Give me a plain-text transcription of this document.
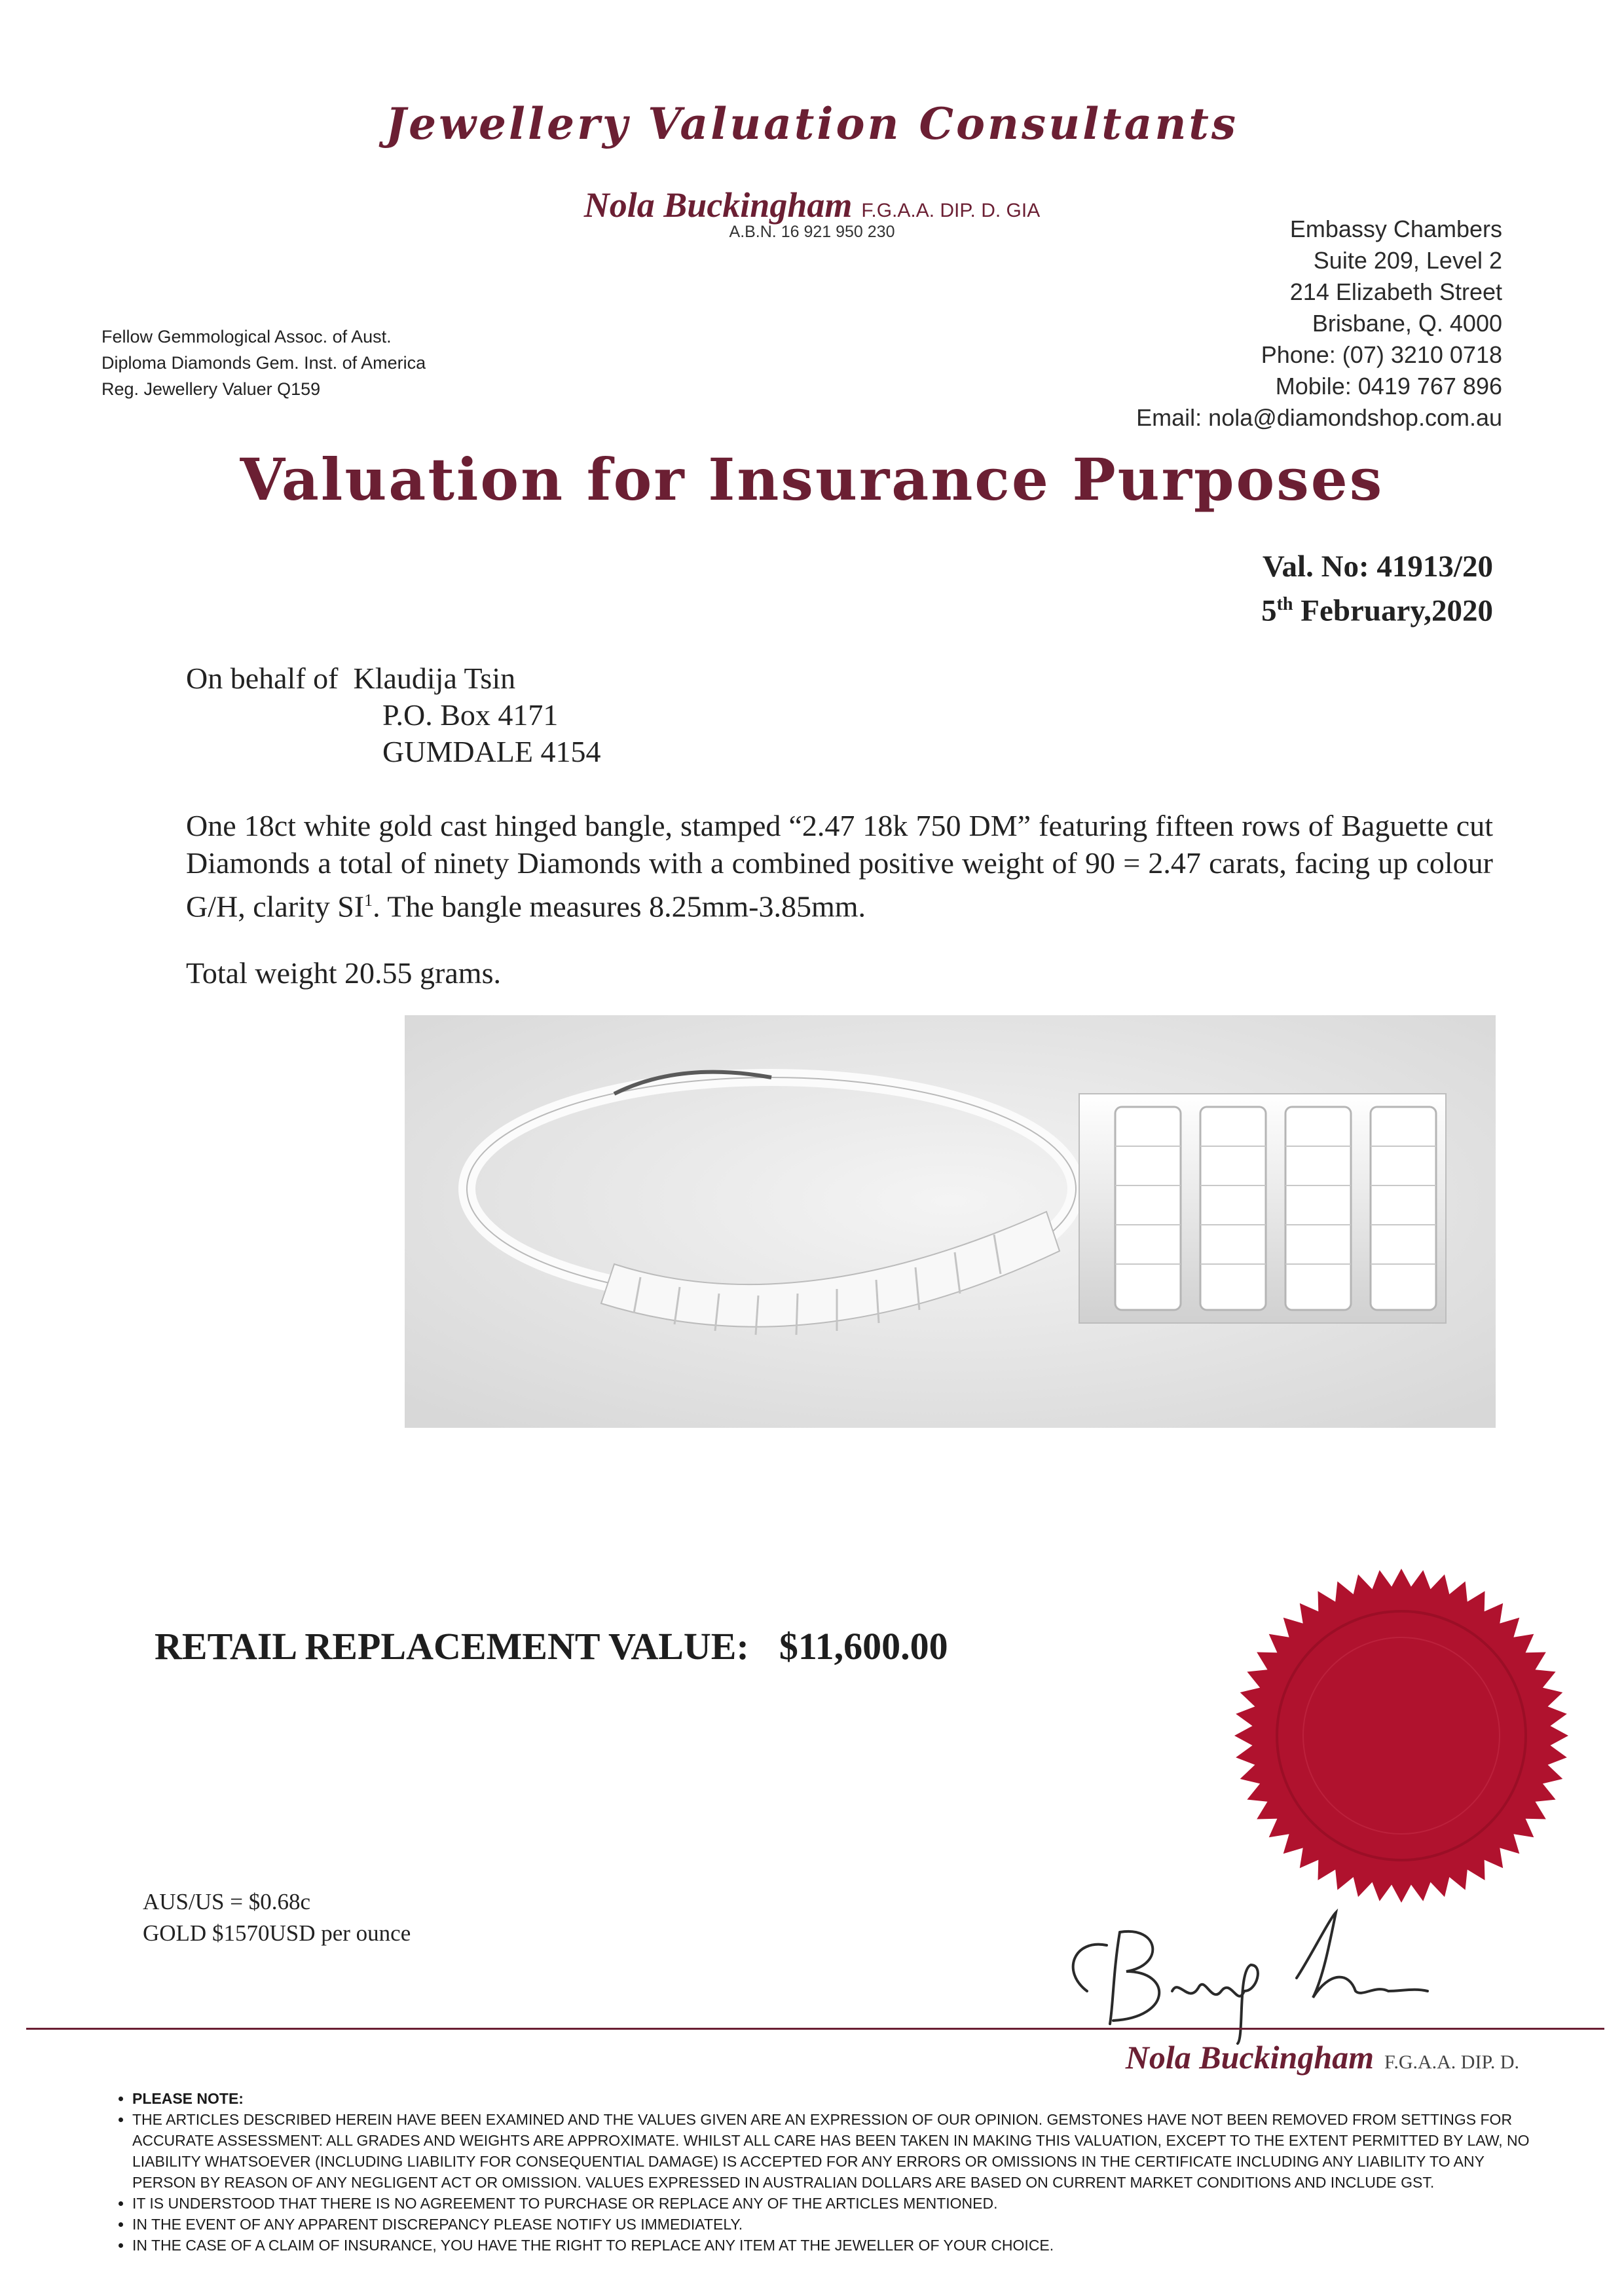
Jewellery Valuation Consultants
Nola Buckingham F.G.A.A. DIP. D. GIA
A.B.N. 16 921 950 230
Fellow Gemmological Assoc. of Aust.
Diploma Diamonds Gem. Inst. of America
Reg. Jewellery Valuer Q159
Embassy Chambers
Suite 209, Level 2
214 Elizabeth Street
Brisbane, Q. 4000
Phone: (07) 3210 0718
Mobile: 0419 767 896
Email: nola@diamondshop.com.au
Valuation for Insurance Purposes
Val. No: 41913/20
5th February,2020
On behalf of Klaudija Tsin
P.O. Box 4171
GUMDALE 4154
One 18ct white gold cast hinged bangle, stamped “2.47 18k 750 DM” featuring fifteen rows of Baguette cut Diamonds a total of ninety Diamonds with a combined positive weight of 90 = 2.47 carats, facing up colour G/H, clarity $SI^1$. The bangle measures 8.25mm-3.85mm.
Total weight 20.55 grams.
RETAIL REPLACEMENT VALUE: $11,600.00
AUS/US = $0.68c
GOLD $1570USD per ounce
Nola Buckingham F.G.A.A. DIP. D.
• PLEASE NOTE:
• THE ARTICLES DESCRIBED HEREIN HAVE BEEN EXAMINED AND THE VALUES GIVEN ARE AN EXPRESSION OF OUR OPINION. GEMSTONES HAVE NOT BEEN REMOVED FROM SETTINGS FOR ACCURATE ASSESSMENT: ALL GRADES AND WEIGHTS ARE APPROXIMATE. WHILST ALL CARE HAS BEEN TAKEN IN MAKING THIS VALUATION, EXCEPT TO THE EXTENT PERMITTED BY LAW, NO LIABILITY WHATSOEVER (INCLUDING LIABILITY FOR CONSEQUENTIAL DAMAGE) IS ACCEPTED FOR ANY ERRORS OR OMISSIONS IN THE CERTIFICATE INCLUDING ANY LIABILITY TO ANY PERSON BY REASON OF ANY NEGLIGENT ACT OR OMISSION. VALUES EXPRESSED IN AUSTRALIAN DOLLARS ARE BASED ON CURRENT MARKET CONDITIONS AND INCLUDE GST.
• IT IS UNDERSTOOD THAT THERE IS NO AGREEMENT TO PURCHASE OR REPLACE ANY OF THE ARTICLES MENTIONED.
• IN THE EVENT OF ANY APPARENT DISCREPANCY PLEASE NOTIFY US IMMEDIATELY.
• IN THE CASE OF A CLAIM OF INSURANCE, YOU HAVE THE RIGHT TO REPLACE ANY ITEM AT THE JEWELLER OF YOUR CHOICE.
